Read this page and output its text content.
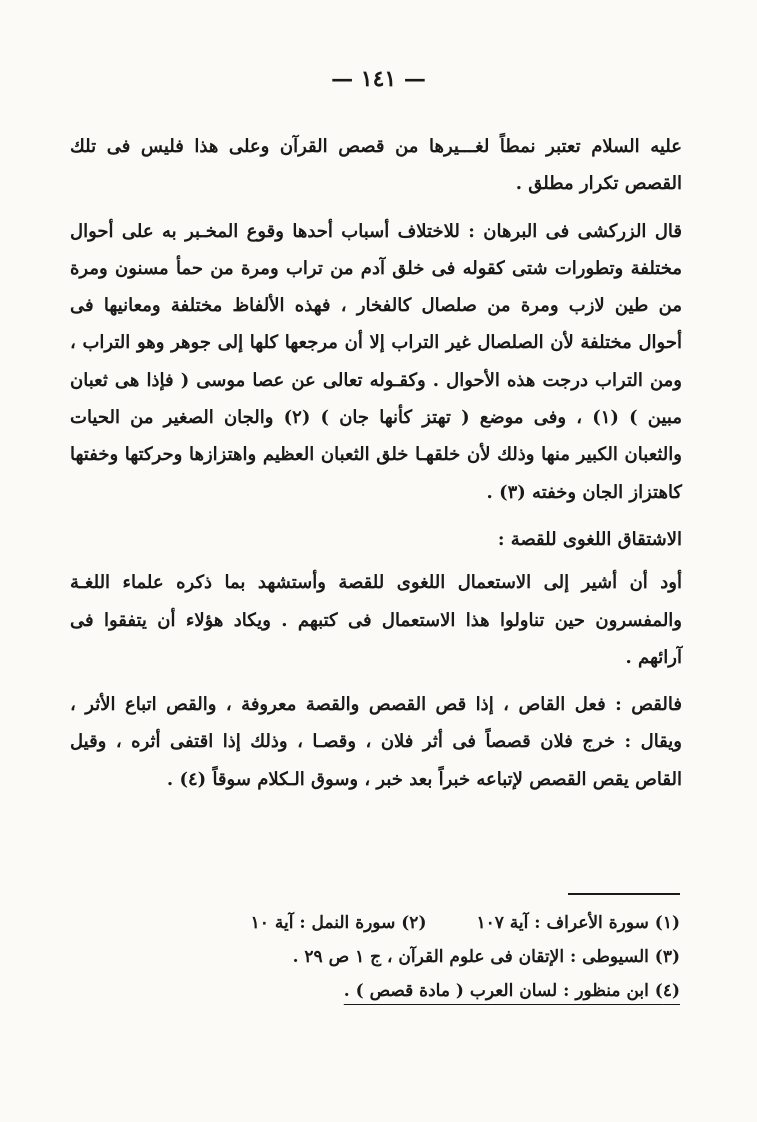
— ١٤١ —

عليه السلام تعتبر نمطاً لغـــيرها من قصص القرآن وعلى هذا فليس فى تلك القصص تكرار مطلق .

قال الزركشى فى البرهان : للاختلاف أسباب أحدها وقوع المخـبر به على أحوال مختلفة وتطورات شتى كقوله فى خلق آدم من تراب ومرة من حمأ مسنون ومرة من طين لازب ومرة من صلصال كالفخار ، فهذه الألفاظ مختلفة ومعانيها فى أحوال مختلفة لأن الصلصال غير التراب إلا أن مرجعها كلها إلى جوهر وهو التراب ، ومن التراب درجت هذه الأحوال . وكقـوله تعالى عن عصا موسى ( فإذا هى ثعبان مبين ) (١) ، وفى موضع ( تهتز كأنها جان ) (٢) والجان الصغير من الحيات والثعبان الكبير منها وذلك لأن خلقهـا خلق الثعبان العظيم واهتزازها وحركتها وخفتها كاهتزاز الجان وخفته (٣) .

الاشتقاق اللغوى للقصة :

أود أن أشير إلى الاستعمال اللغوى للقصة وأستشهد بما ذكره علماء اللغـة والمفسرون حين تناولوا هذا الاستعمال فى كتبهم . ويكاد هؤلاء أن يتفقوا فى آرائهم .

فالقص : فعل القاص ، إذا قص القصص والقصة معروفة ، والقص اتباع الأثر ، ويقال : خرج فلان قصصاً فى أثر فلان ، وقصـا ، وذلك إذا اقتفى أثره ، وقيل القاص يقص القصص لإتباعه خبراً بعد خبر ، وسوق الـكلام سوقاً (٤) .

(١) سورة الأعراف : آية ١٠٧
(٢) سورة النمل : آية ١٠
(٣) السيوطى : الإتقان فى علوم القرآن ، ج ١ ص ٢٩ .
(٤) ابن منظور : لسان العرب ( مادة قصص ) .
